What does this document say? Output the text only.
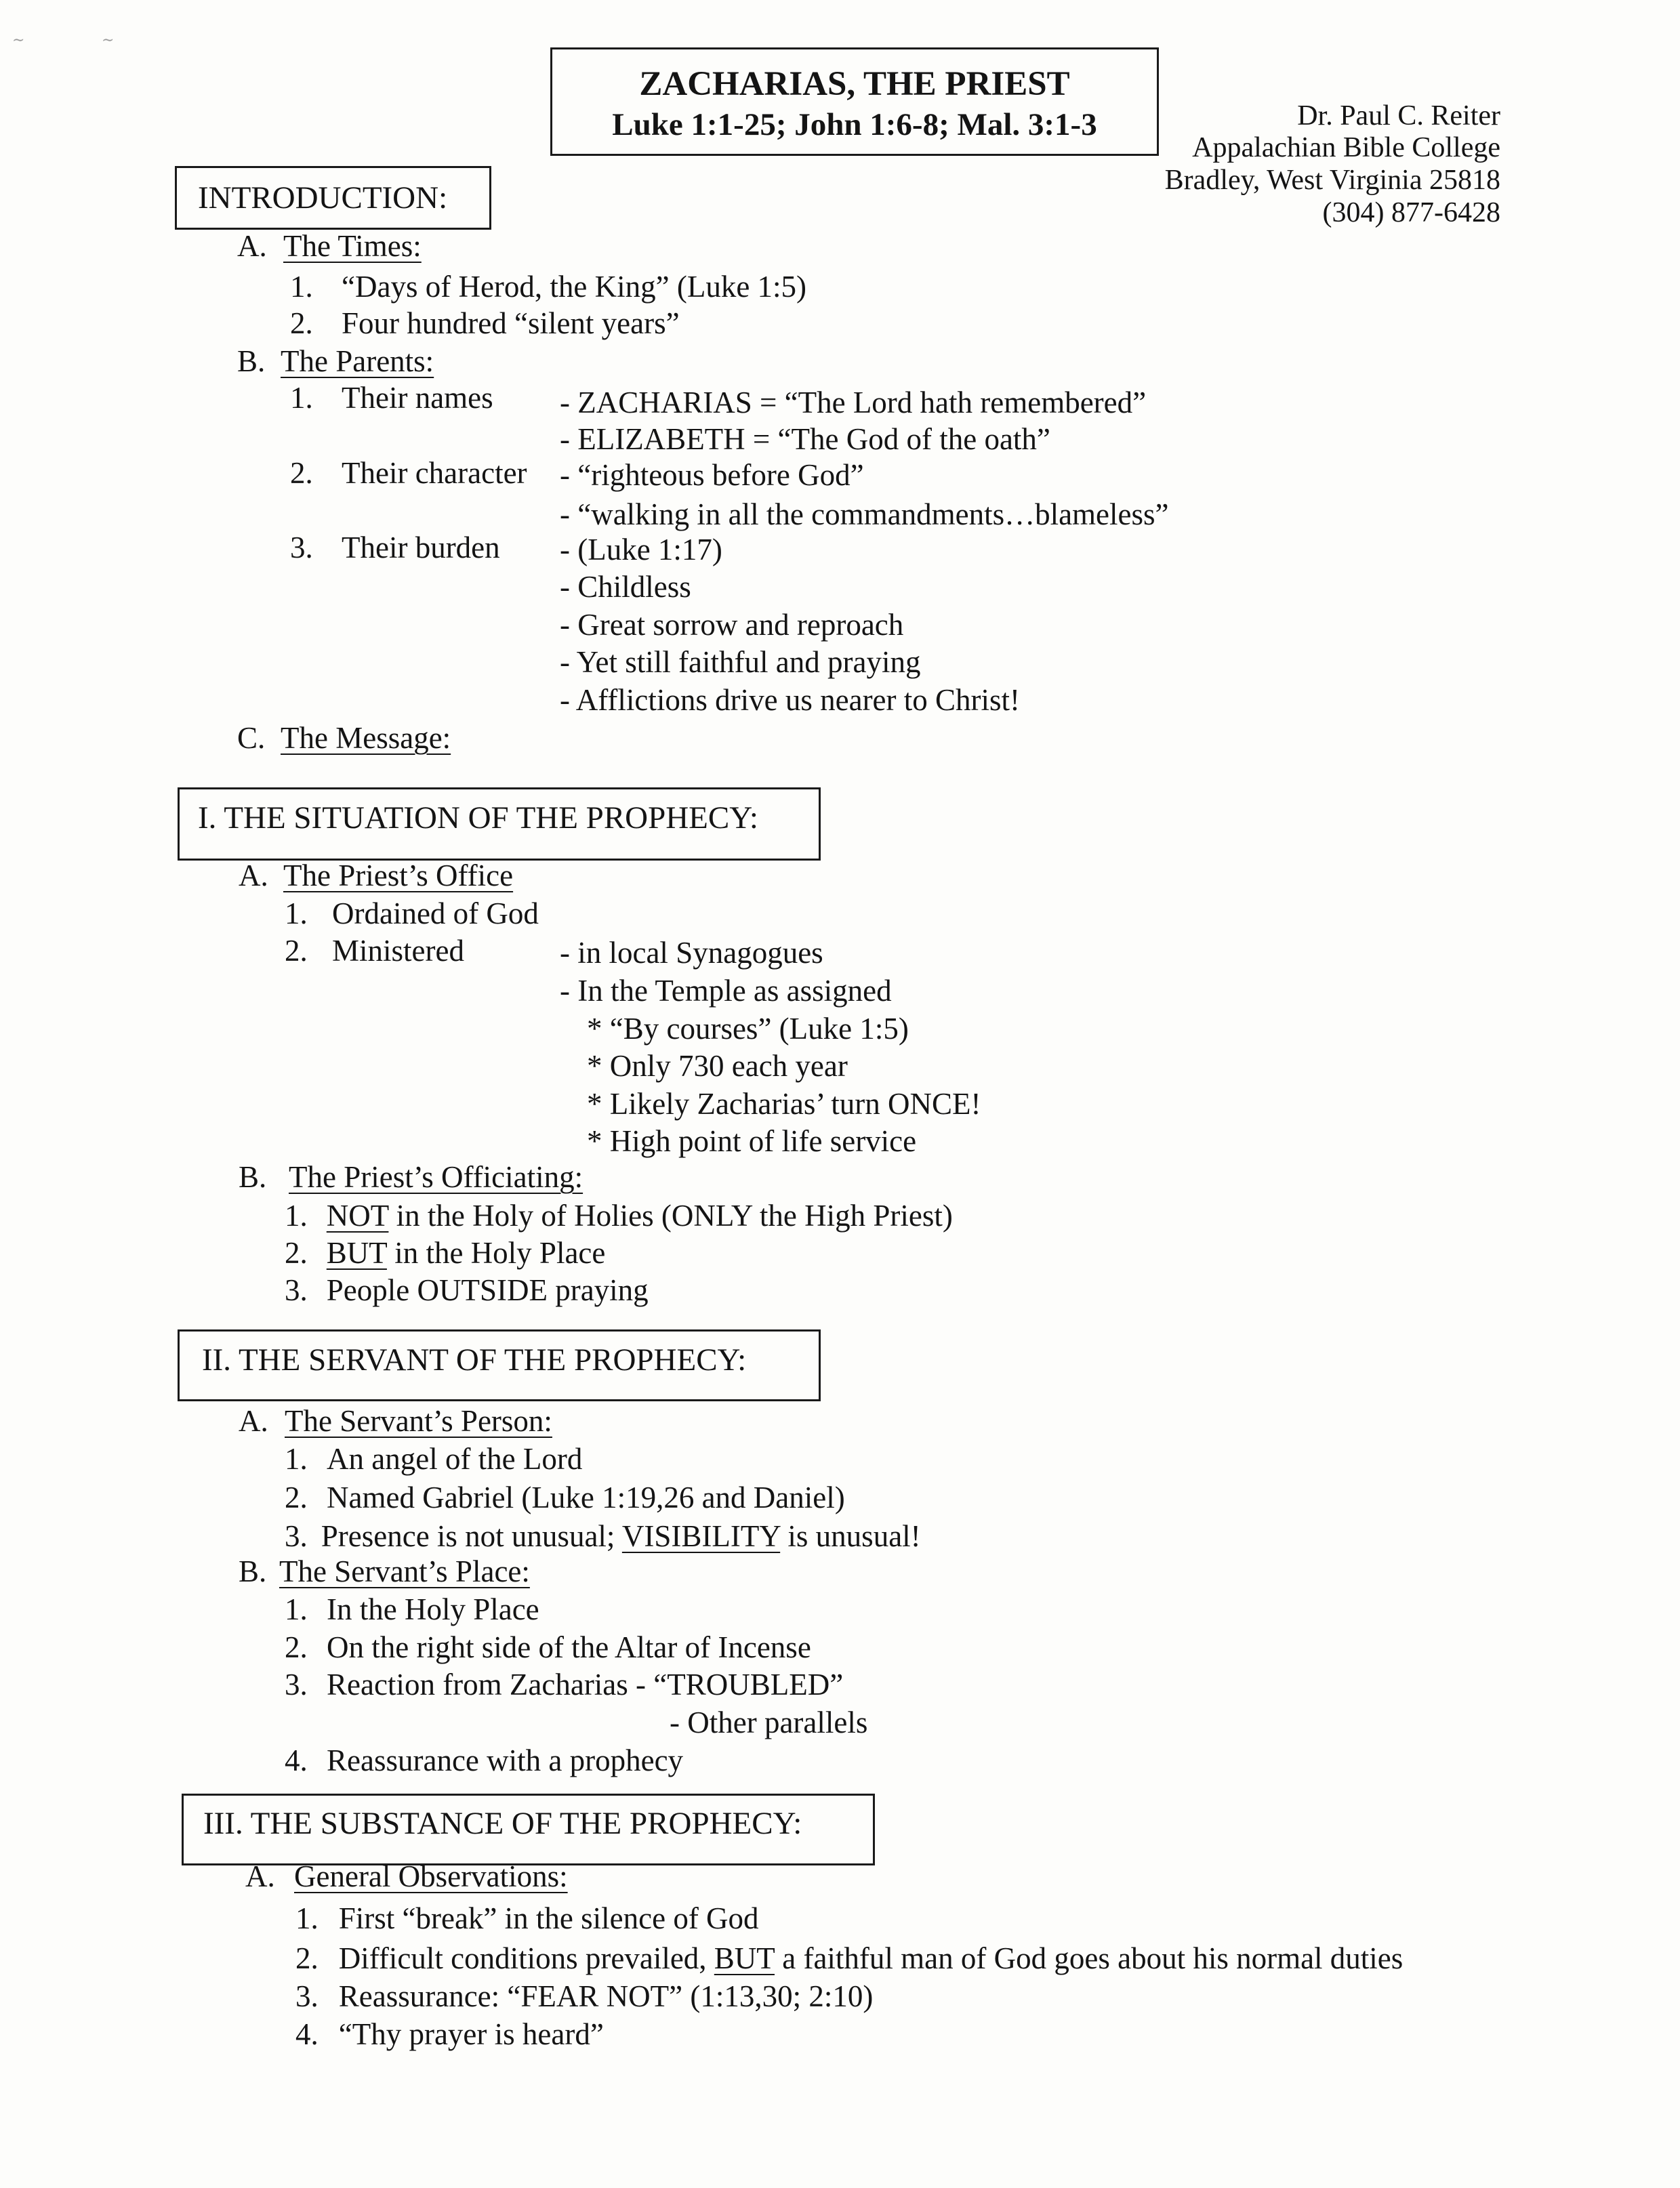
ZACHARIAS, THE PRIEST
Luke 1:1-25; John 1:6-8; Mal. 3:1-3	Dr. Paul C. Reiter
Appalachian Bible College
Bradley, West Virginia 25818
(304) 877-6428
INTRODUCTION:
A. The Times:
1. “Days of Herod, the King” (Luke 1:5)
2. Four hundred “silent years”
B. The Parents:
1. Their names - ZACHARIAS = “The Lord hath remembered”
- ELIZABETH = “The God of the oath”
2. Their character - “righteous before God”
- “walking in all the commandments…blameless”
3. Their burden - (Luke 1:17)
- Childless
- Great sorrow and reproach
- Yet still faithful and praying
- Afflictions drive us nearer to Christ!
C. The Message:
I. THE SITUATION OF THE PROPHECY:
A. The Priest’s Office
1. Ordained of God
2. Ministered	- in local Synagogues
- In the Temple as assigned
* “By courses” (Luke 1:5)
* Only 730 each year
* Likely Zacharias’ turn ONCE!
* High point of life service
B. The Priest’s Officiating:
1. NOT in the Holy of Holies (ONLY the High Priest)
2. BUT in the Holy Place
3. People OUTSIDE praying
II. THE SERVANT OF THE PROPHECY:
A. The Servant’s Person:
1. An angel of the Lord
2. Named Gabriel (Luke 1:19,26 and Daniel)
3. Presence is not unusual; VISIBILITY is unusual!
B. The Servant’s Place:
1. In the Holy Place
2. On the right side of the Altar of Incense
3. Reaction from Zacharias - “TROUBLED”
- Other parallels
4. Reassurance with a prophecy
III. THE SUBSTANCE OF THE PROPHECY:
A. General Observations:
1. First “break” in the silence of God
2. Difficult conditions prevailed, BUT a faithful man of God goes about his normal duties
3. Reassurance: “FEAR NOT” (1:13,30; 2:10)
4. “Thy prayer is heard”
∼	∼
